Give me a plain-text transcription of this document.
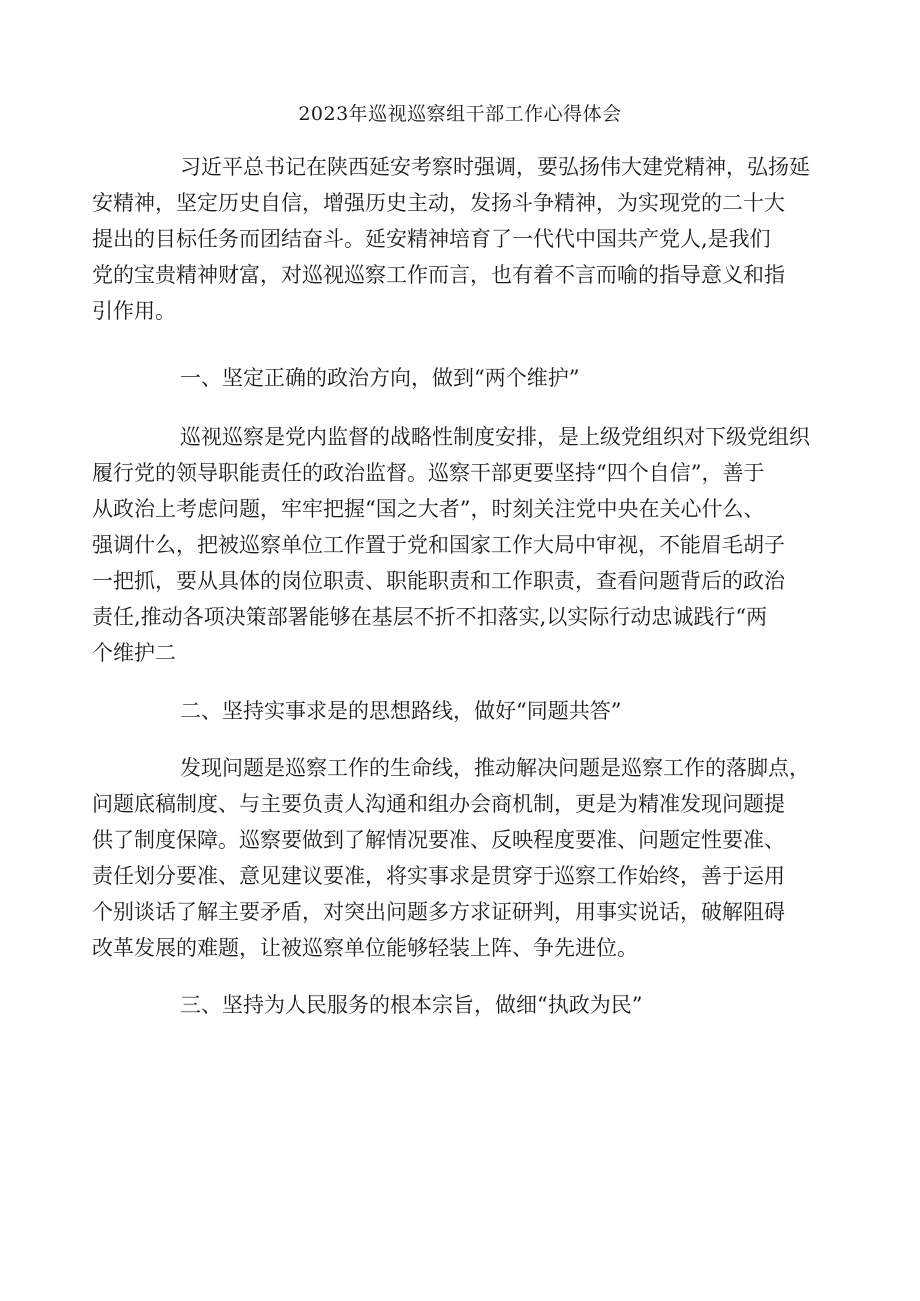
2023年巡视巡察组干部工作心得体会

习近平总书记在陕西延安考察时强调，要弘扬伟大建党精神，弘扬延
安精神，坚定历史自信，增强历史主动，发扬斗争精神，为实现党的二十大
提出的目标任务而团结奋斗。延安精神培育了一代代中国共产党人,是我们
党的宝贵精神财富，对巡视巡察工作而言，也有着不言而喻的指导意义和指
引作用。

一、坚定正确的政治方向，做到“两个维护”

巡视巡察是党内监督的战略性制度安排，是上级党组织对下级党组织
履行党的领导职能责任的政治监督。巡察干部更要坚持“四个自信”，善于
从政治上考虑问题，牢牢把握“国之大者”，时刻关注党中央在关心什么、
强调什么，把被巡察单位工作置于党和国家工作大局中审视，不能眉毛胡子
一把抓，要从具体的岗位职责、职能职责和工作职责，查看问题背后的政治
责任,推动各项决策部署能够在基层不折不扣落实,以实际行动忠诚践行“两
个维护二

二、坚持实事求是的思想路线，做好“同题共答”

发现问题是巡察工作的生命线，推动解决问题是巡察工作的落脚点，
问题底稿制度、与主要负责人沟通和组办会商机制，更是为精准发现问题提
供了制度保障。巡察要做到了解情况要准、反映程度要准、问题定性要准、
责任划分要准、意见建议要准，将实事求是贯穿于巡察工作始终，善于运用
个别谈话了解主要矛盾，对突出问题多方求证研判，用事实说话，破解阻碍
改革发展的难题，让被巡察单位能够轻装上阵、争先进位。

三、坚持为人民服务的根本宗旨，做细“执政为民”
